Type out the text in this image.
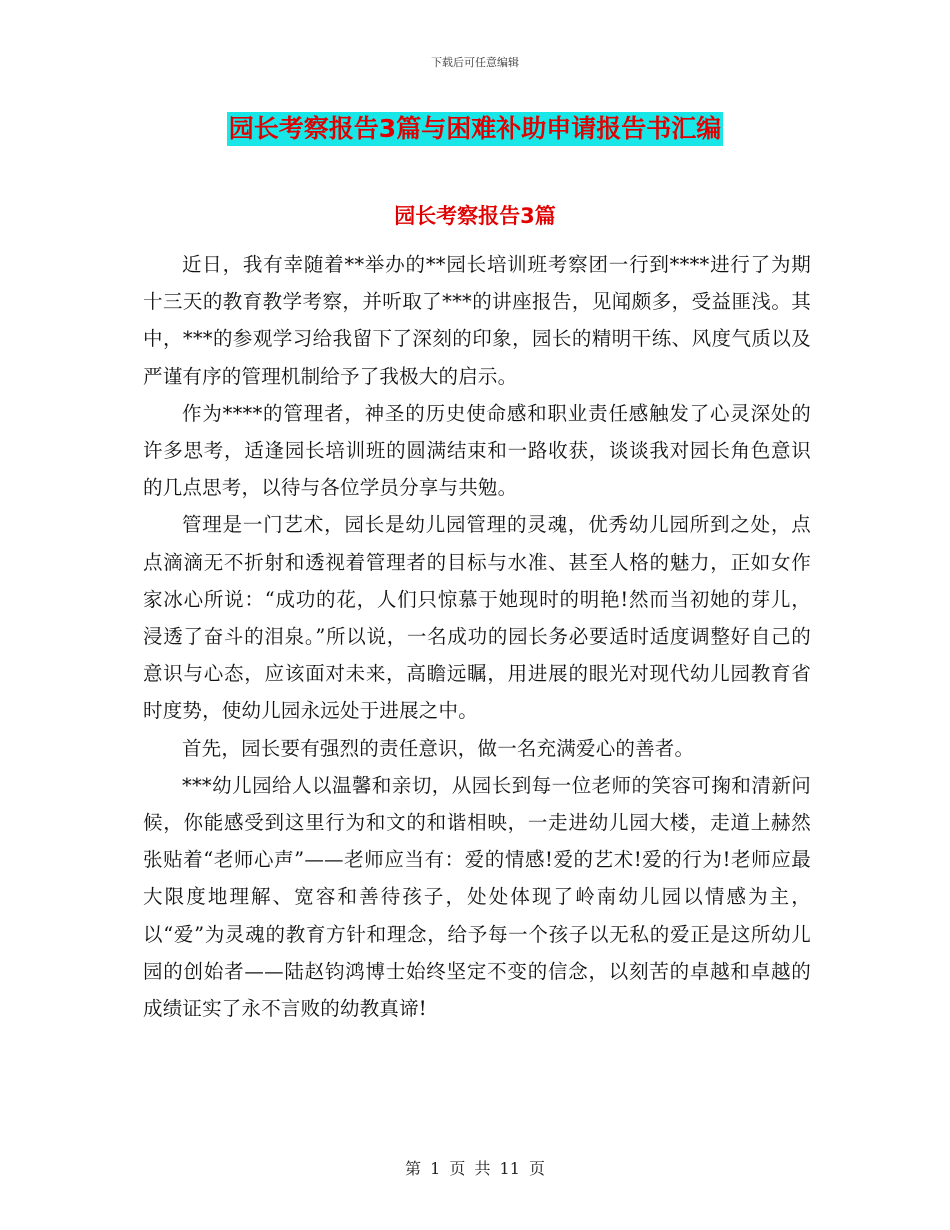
下载后可任意编辑
园长考察报告3篇与困难补助申请报告书汇编
园长考察报告3篇

近日，我有幸随着**举办的**园长培训班考察团一行到****进行了为期十三天的教育教学考察，并听取了***的讲座报告，见闻颇多，受益匪浅。其中，***的参观学习给我留下了深刻的印象，园长的精明干练、风度气质以及严谨有序的管理机制给予了我极大的启示。

作为****的管理者，神圣的历史使命感和职业责任感触发了心灵深处的许多思考，适逢园长培训班的圆满结束和一路收获，谈谈我对园长角色意识的几点思考，以待与各位学员分享与共勉。

管理是一门艺术，园长是幼儿园管理的灵魂，优秀幼儿园所到之处，点点滴滴无不折射和透视着管理者的目标与水准、甚至人格的魅力，正如女作家冰心所说：“成功的花，人们只惊慕于她现时的明艳!然而当初她的芽儿，浸透了奋斗的泪泉。”所以说，一名成功的园长务必要适时适度调整好自己的意识与心态，应该面对未来，高瞻远瞩，用进展的眼光对现代幼儿园教育省时度势，使幼儿园永远处于进展之中。

首先，园长要有强烈的责任意识，做一名充满爱心的善者。

***幼儿园给人以温馨和亲切，从园长到每一位老师的笑容可掬和清新问候，你能感受到这里行为和文的和谐相映，一走进幼儿园大楼，走道上赫然张贴着“老师心声”——老师应当有：爱的情感!爱的艺术!爱的行为!老师应最大限度地理解、宽容和善待孩子，处处体现了岭南幼儿园以情感为主，以“爱”为灵魂的教育方针和理念，给予每一个孩子以无私的爱正是这所幼儿园的创始者——陆赵钧鸿博士始终坚定不变的信念，以刻苦的卓越和卓越的成绩证实了永不言败的幼教真谛!

第 1 页 共 11 页
